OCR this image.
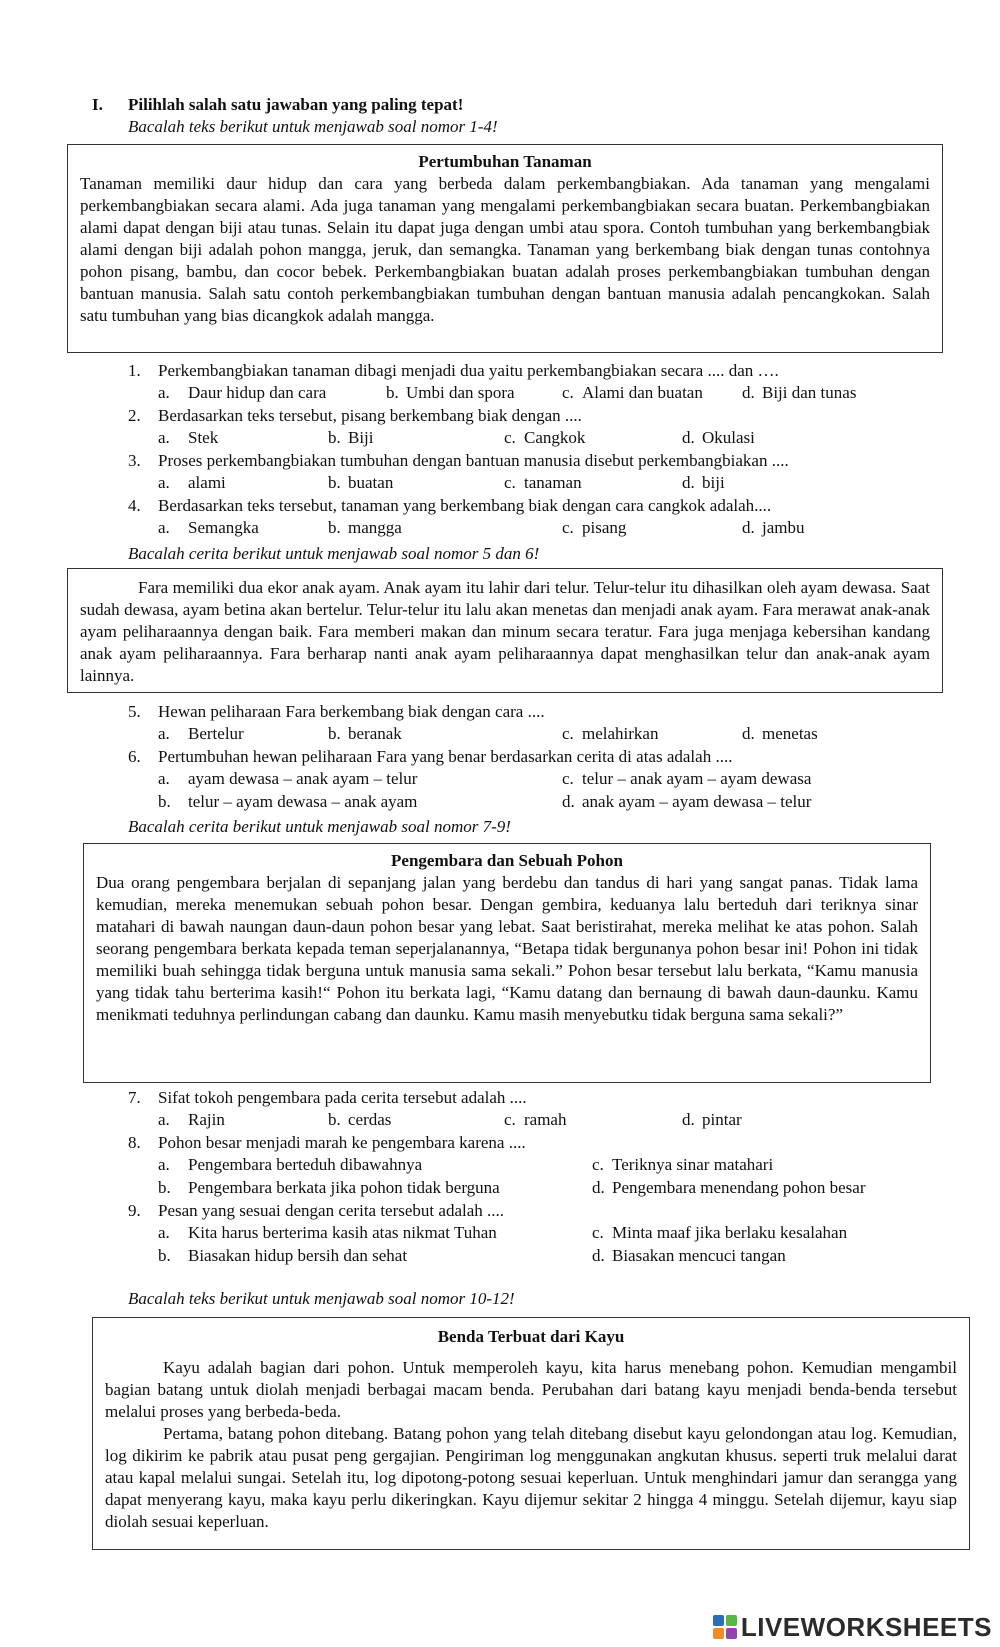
I. Pilihlah salah satu jawaban yang paling tepat!
Bacalah teks berikut untuk menjawab soal nomor 1-4!
Pertumbuhan Tanaman

Tanaman memiliki daur hidup dan cara yang berbeda dalam perkembangbiakan. Ada tanaman yang mengalami perkembangbiakan secara alami. Ada juga tanaman yang mengalami perkembangbiakan secara buatan. Perkembangbiakan alami dapat dengan biji atau tunas. Selain itu dapat juga dengan umbi atau spora. Contoh tumbuhan yang berkembangbiak alami dengan biji adalah pohon mangga, jeruk, dan semangka. Tanaman yang berkembang biak dengan tunas contohnya pohon pisang, bambu, dan cocor bebek. Perkembangbiakan buatan adalah proses perkembangbiakan tumbuhan dengan bantuan manusia. Salah satu contoh perkembangbiakan tumbuhan dengan bantuan manusia adalah pencangkokan. Salah satu tumbuhan yang bias dicangkok adalah mangga.

1. Perkembangbiakan tanaman dibagi menjadi dua yaitu perkembangbiakan secara .... dan ….
a. Daur hidup dan cara	b. Umbi dan spora	c. Alami dan buatan d. Biji dan tunas
2. Berdasarkan teks tersebut, pisang berkembang biak dengan ....
a. Stek	b. Biji	c. Cangkok	d. Okulasi
3. Proses perkembangbiakan tumbuhan dengan bantuan manusia disebut perkembangbiakan ....
a. alami	b. buatan	c. tanaman	d. biji
4. Berdasarkan teks tersebut, tanaman yang berkembang biak dengan cara cangkok adalah....
a. Semangka	b. mangga	c. pisang	d. jambu
Bacalah cerita berikut untuk menjawab soal nomor 5 dan 6!

Fara memiliki dua ekor anak ayam. Anak ayam itu lahir dari telur. Telur-telur itu dihasilkan oleh ayam dewasa. Saat sudah dewasa, ayam betina akan bertelur. Telur-telur itu lalu akan menetas dan menjadi anak ayam. Fara merawat anak-anak ayam peliharaannya dengan baik. Fara memberi makan dan minum secara teratur. Fara juga menjaga kebersihan kandang anak ayam peliharaannya. Fara berharap nanti anak ayam peliharaannya dapat menghasilkan telur dan anak-anak ayam lainnya.

5. Hewan peliharaan Fara berkembang biak dengan cara ....
a. Bertelur	b. beranak	c. melahirkan	d. menetas
6. Pertumbuhan hewan peliharaan Fara yang benar berdasarkan cerita di atas adalah ....
a. ayam dewasa – anak ayam – telur	c. telur – anak ayam – ayam dewasa
b. telur – ayam dewasa – anak ayam	d. anak ayam – ayam dewasa – telur
Bacalah cerita berikut untuk menjawab soal nomor 7-9!
Pengembara dan Sebuah Pohon

Dua orang pengembara berjalan di sepanjang jalan yang berdebu dan tandus di hari yang sangat panas. Tidak lama kemudian, mereka menemukan sebuah pohon besar. Dengan gembira, keduanya lalu berteduh dari teriknya sinar matahari di bawah naungan daun-daun pohon besar yang lebat. Saat beristirahat, mereka melihat ke atas pohon. Salah seorang pengembara berkata kepada teman seperjalanannya, “Betapa tidak bergunanya pohon besar ini! Pohon ini tidak memiliki buah sehingga tidak berguna untuk manusia sama sekali.” Pohon besar tersebut lalu berkata, “Kamu manusia yang tidak tahu berterima kasih!“ Pohon itu berkata lagi, “Kamu datang dan bernaung di bawah daun-daunku. Kamu menikmati teduhnya perlindungan cabang dan daunku. Kamu masih menyebutku tidak berguna sama sekali?”

7. Sifat tokoh pengembara pada cerita tersebut adalah ....
a. Rajin	b. cerdas	c. ramah	d. pintar
8. Pohon besar menjadi marah ke pengembara karena ....
a. Pengembara berteduh dibawahnya	c. Teriknya sinar matahari
b. Pengembara berkata jika pohon tidak berguna	d. Pengembara menendang pohon besar
9. Pesan yang sesuai dengan cerita tersebut adalah ....
a. Kita harus berterima kasih atas nikmat Tuhan	c. Minta maaf jika berlaku kesalahan
b. Biasakan hidup bersih dan sehat	d. Biasakan mencuci tangan
Bacalah teks berikut untuk menjawab soal nomor 10-12!
Benda Terbuat dari Kayu

Kayu adalah bagian dari pohon. Untuk memperoleh kayu, kita harus menebang pohon. Kemudian mengambil bagian batang untuk diolah menjadi berbagai macam benda. Perubahan dari batang kayu menjadi benda-benda tersebut melalui proses yang berbeda-beda.

Pertama, batang pohon ditebang. Batang pohon yang telah ditebang disebut kayu gelondongan atau log. Kemudian, log dikirim ke pabrik atau pusat peng gergajian. Pengiriman log menggunakan angkutan khusus. seperti truk melalui darat atau kapal melalui sungai. Setelah itu, log dipotong-potong sesuai keperluan. Untuk menghindari jamur dan serangga yang dapat menyerang kayu, maka kayu perlu dikeringkan. Kayu dijemur sekitar 2 hingga 4 minggu. Setelah dijemur, kayu siap diolah sesuai keperluan.

LIVEWORKSHEETS
